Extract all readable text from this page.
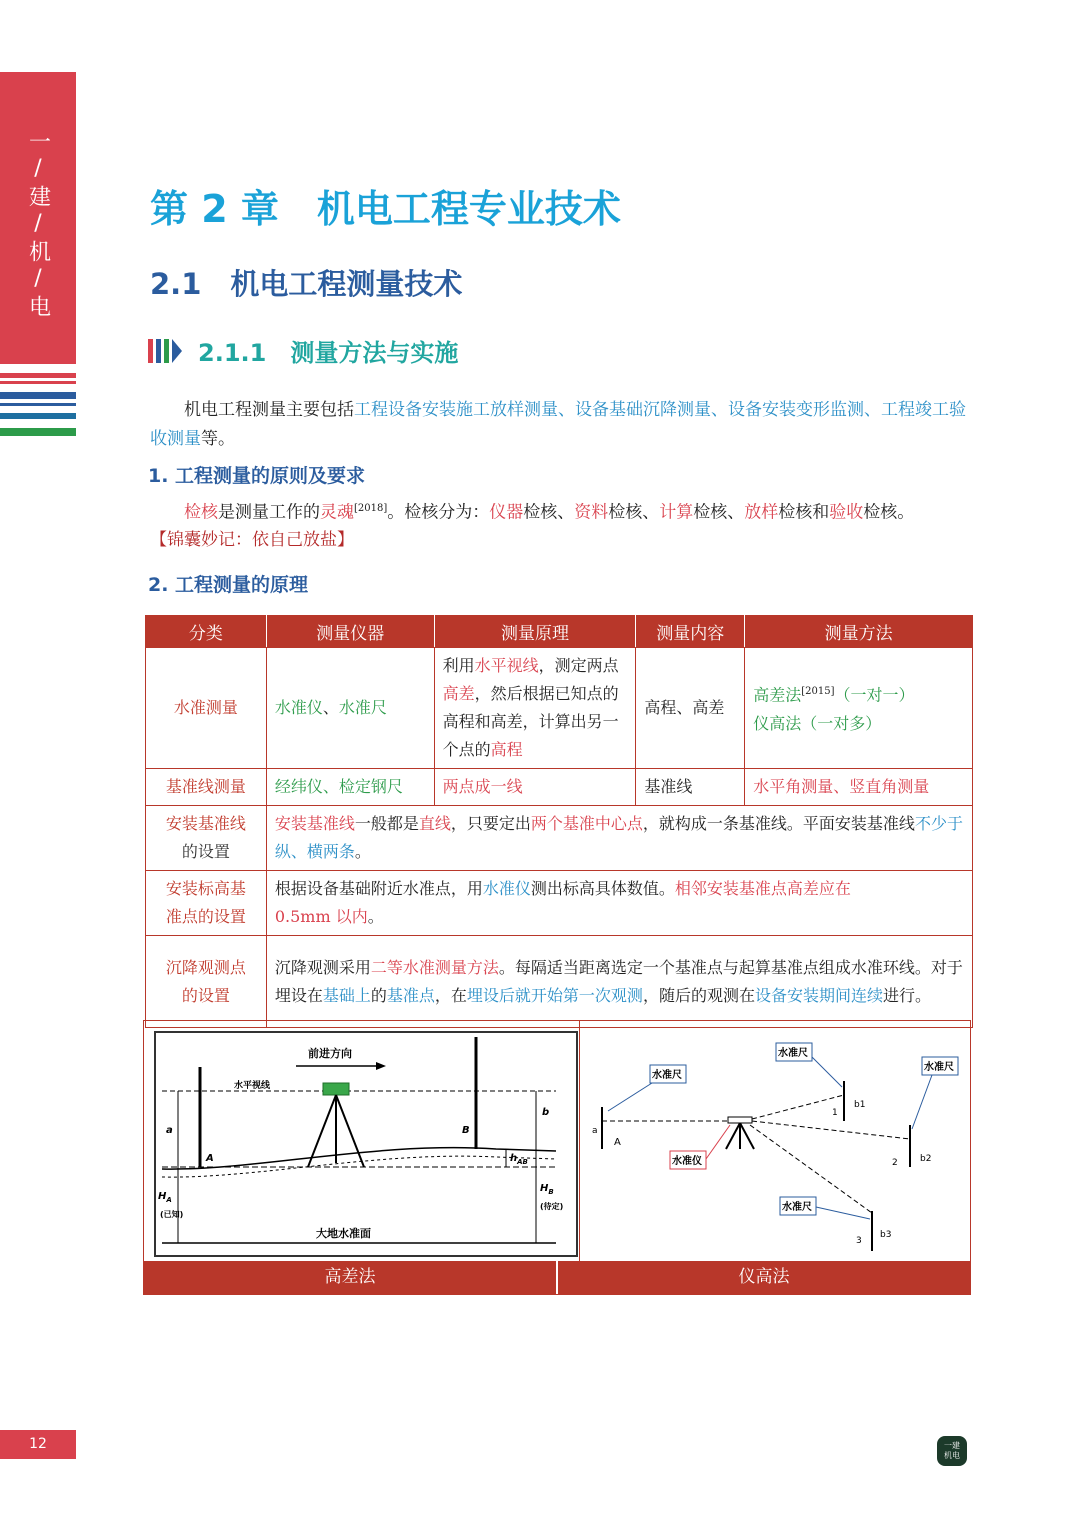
一/建/机/电	第 2 章　机电工程专业技术
2.1　机电工程测量技术
2.1.1　测量方法与实施
机电工程测量主要包括工程设备安装施工放样测量、设备基础沉降测量、设备安装变形监测、工程竣工验收测量等。
1. 工程测量的原则及要求
检核是测量工作的灵魂[2018]。检核分为：仪器检核、资料检核、计算检核、放样检核和验收检核。
【锦囊妙记：依自己放盐】
2. 工程测量的原理
分类	测量仪器	测量原理	测量内容	测量方法
水准测量	水准仪、水准尺	利用水平视线，测定两点高差，然后根据已知点的高程和高差，计算出另一个点的高程	高程、高差	高差法[2015]（一对一）
仪高法（一对多）
基准线测量	经纬仪、检定钢尺	两点成一线	基准线	水平角测量、竖直角测量
安装基准线
的设置	安装基准线一般都是直线，只要定出两个基准中心点，就构成一条基准线。平面安装基准线不少于纵、横两条。			
安装标高基
准点的设置	根据设备基础附近水准点，用水准仪测出标高具体数值。相邻安装基准点高差应在
0.5mm 以内。			
沉降观测点
的设置	沉降观测采用二等水准测量方法。每隔适当距离选定一个基准点与起算基准点组成水准环线。对于埋设在基础上的基准点，在埋设后就开始第一次观测，随后的观测在设备安装期间连续进行。			
前进方向
水平视线
A
B
a
b
$h_{AB}$
大地水准面
$H_A$
(已知)
$H_B$
(待定)
a
A
b1
1
b2
2
b3
3
水准尺
水准尺
水准尺
水准尺
水准仪
高差法	仪高法
12	一建
机电
